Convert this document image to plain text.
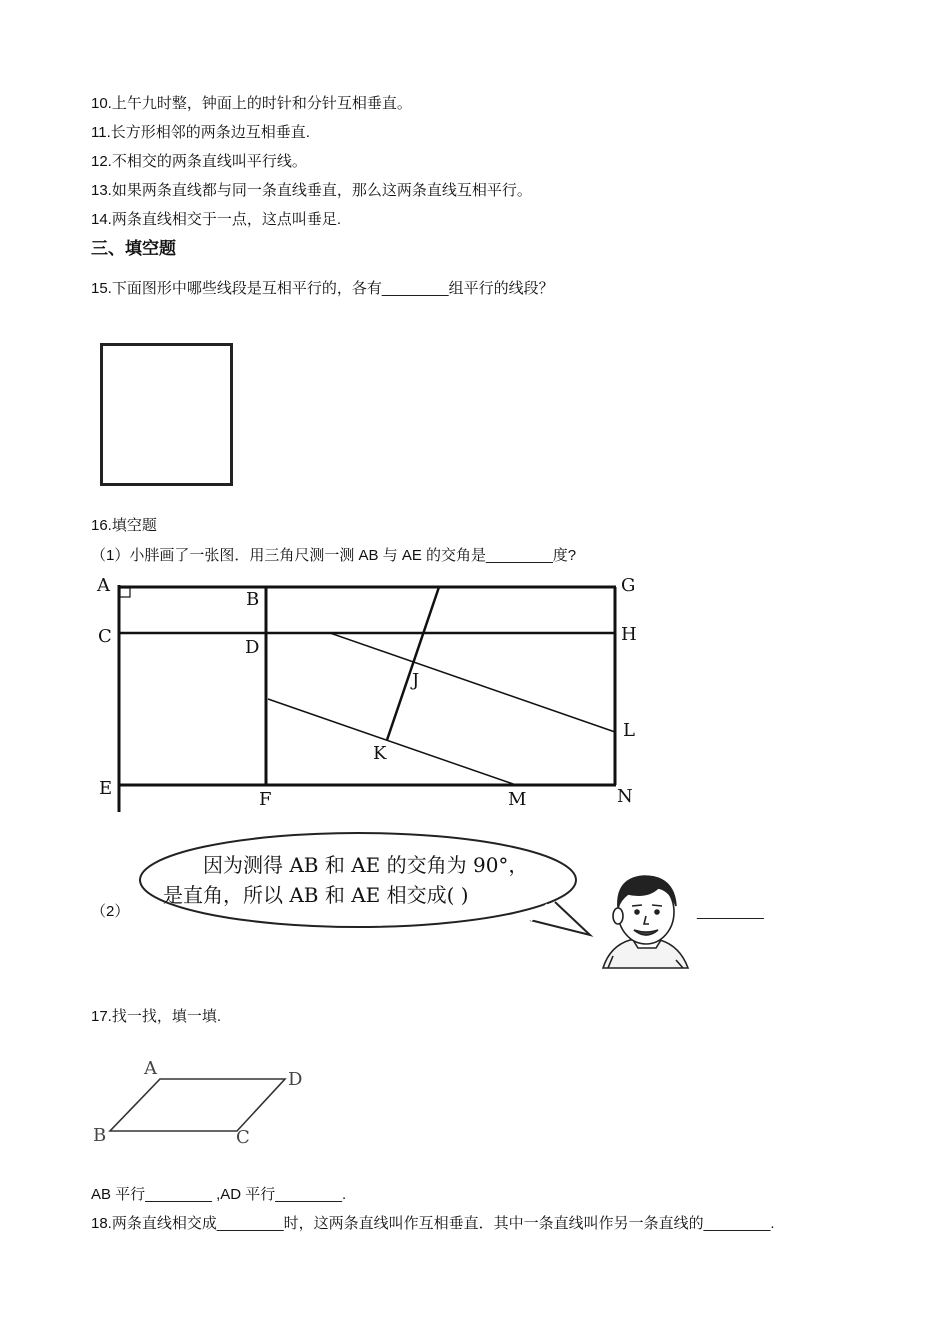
10.上午九时整，钟面上的时针和分针互相垂直。
11.长方形相邻的两条边互相垂直.
12.不相交的两条直线叫平行线。
13.如果两条直线都与同一条直线垂直，那么这两条直线互相平行。
14.两条直线相交于一点，这点叫垂足.
三、填空题
15.下面图形中哪些线段是互相平行的，各有________组平行的线段？
16.填空题
（1）小胖画了一张图．用三角尺测一测 AB 与 AE 的交角是________度?
A
B
C
D
E
F
G
H
J
K
L
M	N
（2）
因为测得 AB 和 AE 的交角为 90°，
是直角，所以 AB 和 AE 相交成( )
________
17.找一找，填一填.
A
D
B	C
AB 平行________ ,AD 平行________.
18.两条直线相交成________时，这两条直线叫作互相垂直．其中一条直线叫作另一条直线的________.
